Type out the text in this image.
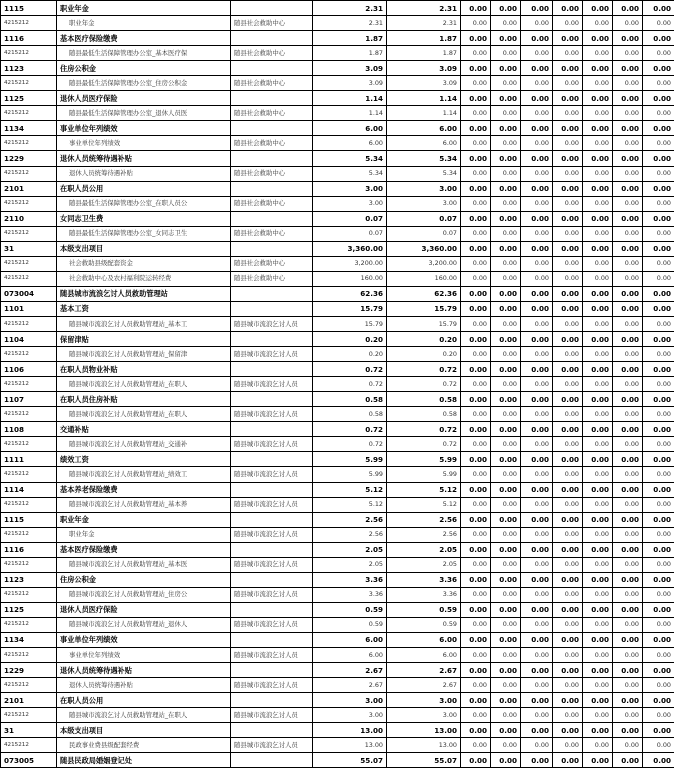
1115	职业年金		2.31	2.31	0.00	0.00	0.00	0.00	0.00	0.00	0.00
4215212	职业年金	随县社会救助中心	2.31	2.31	0.00	0.00	0.00	0.00	0.00	0.00	0.00
1116	基本医疗保险缴费		1.87	1.87	0.00	0.00	0.00	0.00	0.00	0.00	0.00
4215212	随县最低生活保障管理办公室_基本医疗保	随县社会救助中心	1.87	1.87	0.00	0.00	0.00	0.00	0.00	0.00	0.00
1123	住房公积金		3.09	3.09	0.00	0.00	0.00	0.00	0.00	0.00	0.00
4215212	随县最低生活保障管理办公室_住房公积金	随县社会救助中心	3.09	3.09	0.00	0.00	0.00	0.00	0.00	0.00	0.00
1125	退休人员医疗保险		1.14	1.14	0.00	0.00	0.00	0.00	0.00	0.00	0.00
4215212	随县最低生活保障管理办公室_退休人员医	随县社会救助中心	1.14	1.14	0.00	0.00	0.00	0.00	0.00	0.00	0.00
1134	事业单位年列绩效		6.00	6.00	0.00	0.00	0.00	0.00	0.00	0.00	0.00
4215212	事业单位年列绩效	随县社会救助中心	6.00	6.00	0.00	0.00	0.00	0.00	0.00	0.00	0.00
1229	退休人员统筹待遇补贴		5.34	5.34	0.00	0.00	0.00	0.00	0.00	0.00	0.00
4215212	退休人员统筹待遇补贴	随县社会救助中心	5.34	5.34	0.00	0.00	0.00	0.00	0.00	0.00	0.00
2101	在职人员公用		3.00	3.00	0.00	0.00	0.00	0.00	0.00	0.00	0.00
4215212	随县最低生活保障管理办公室_在职人员公	随县社会救助中心	3.00	3.00	0.00	0.00	0.00	0.00	0.00	0.00	0.00
2110	女同志卫生费		0.07	0.07	0.00	0.00	0.00	0.00	0.00	0.00	0.00
4215212	随县最低生活保障管理办公室_女同志卫生	随县社会救助中心	0.07	0.07	0.00	0.00	0.00	0.00	0.00	0.00	0.00
31	本级支出项目		3,360.00	3,360.00	0.00	0.00	0.00	0.00	0.00	0.00	0.00
4215212	社会救助县级配套资金	随县社会救助中心	3,200.00	3,200.00	0.00	0.00	0.00	0.00	0.00	0.00	0.00
4215212	社会救助中心及农村福利院运转经费	随县社会救助中心	160.00	160.00	0.00	0.00	0.00	0.00	0.00	0.00	0.00
073004	随县城市流浪乞讨人员救助管理站		62.36	62.36	0.00	0.00	0.00	0.00	0.00	0.00	0.00
1101	基本工资		15.79	15.79	0.00	0.00	0.00	0.00	0.00	0.00	0.00
4215212	随县城市流浪乞讨人员救助管理站_基本工	随县城市流浪乞讨人员	15.79	15.79	0.00	0.00	0.00	0.00	0.00	0.00	0.00
1104	保留津贴		0.20	0.20	0.00	0.00	0.00	0.00	0.00	0.00	0.00
4215212	随县城市流浪乞讨人员救助管理站_保留津	随县城市流浪乞讨人员	0.20	0.20	0.00	0.00	0.00	0.00	0.00	0.00	0.00
1106	在职人员物业补贴		0.72	0.72	0.00	0.00	0.00	0.00	0.00	0.00	0.00
4215212	随县城市流浪乞讨人员救助管理站_在职人	随县城市流浪乞讨人员	0.72	0.72	0.00	0.00	0.00	0.00	0.00	0.00	0.00
1107	在职人员住房补贴		0.58	0.58	0.00	0.00	0.00	0.00	0.00	0.00	0.00
4215212	随县城市流浪乞讨人员救助管理站_在职人	随县城市流浪乞讨人员	0.58	0.58	0.00	0.00	0.00	0.00	0.00	0.00	0.00
1108	交通补贴		0.72	0.72	0.00	0.00	0.00	0.00	0.00	0.00	0.00
4215212	随县城市流浪乞讨人员救助管理站_交通补	随县城市流浪乞讨人员	0.72	0.72	0.00	0.00	0.00	0.00	0.00	0.00	0.00
1111	绩效工资		5.99	5.99	0.00	0.00	0.00	0.00	0.00	0.00	0.00
4215212	随县城市流浪乞讨人员救助管理站_绩效工	随县城市流浪乞讨人员	5.99	5.99	0.00	0.00	0.00	0.00	0.00	0.00	0.00
1114	基本养老保险缴费		5.12	5.12	0.00	0.00	0.00	0.00	0.00	0.00	0.00
4215212	随县城市流浪乞讨人员救助管理站_基本养	随县城市流浪乞讨人员	5.12	5.12	0.00	0.00	0.00	0.00	0.00	0.00	0.00
1115	职业年金		2.56	2.56	0.00	0.00	0.00	0.00	0.00	0.00	0.00
4215212	职业年金	随县城市流浪乞讨人员	2.56	2.56	0.00	0.00	0.00	0.00	0.00	0.00	0.00
1116	基本医疗保险缴费		2.05	2.05	0.00	0.00	0.00	0.00	0.00	0.00	0.00
4215212	随县城市流浪乞讨人员救助管理站_基本医	随县城市流浪乞讨人员	2.05	2.05	0.00	0.00	0.00	0.00	0.00	0.00	0.00
1123	住房公积金		3.36	3.36	0.00	0.00	0.00	0.00	0.00	0.00	0.00
4215212	随县城市流浪乞讨人员救助管理站_住房公	随县城市流浪乞讨人员	3.36	3.36	0.00	0.00	0.00	0.00	0.00	0.00	0.00
1125	退休人员医疗保险		0.59	0.59	0.00	0.00	0.00	0.00	0.00	0.00	0.00
4215212	随县城市流浪乞讨人员救助管理站_退休人	随县城市流浪乞讨人员	0.59	0.59	0.00	0.00	0.00	0.00	0.00	0.00	0.00
1134	事业单位年列绩效		6.00	6.00	0.00	0.00	0.00	0.00	0.00	0.00	0.00
4215212	事业单位年列绩效	随县城市流浪乞讨人员	6.00	6.00	0.00	0.00	0.00	0.00	0.00	0.00	0.00
1229	退休人员统筹待遇补贴		2.67	2.67	0.00	0.00	0.00	0.00	0.00	0.00	0.00
4215212	退休人员统筹待遇补贴	随县城市流浪乞讨人员	2.67	2.67	0.00	0.00	0.00	0.00	0.00	0.00	0.00
2101	在职人员公用		3.00	3.00	0.00	0.00	0.00	0.00	0.00	0.00	0.00
4215212	随县城市流浪乞讨人员救助管理站_在职人	随县城市流浪乞讨人员	3.00	3.00	0.00	0.00	0.00	0.00	0.00	0.00	0.00
31	本级支出项目		13.00	13.00	0.00	0.00	0.00	0.00	0.00	0.00	0.00
4215212	民政事业费县级配套经费	随县城市流浪乞讨人员	13.00	13.00	0.00	0.00	0.00	0.00	0.00	0.00	0.00
073005	随县民政局婚姻登记处		55.07	55.07	0.00	0.00	0.00	0.00	0.00	0.00	0.00
